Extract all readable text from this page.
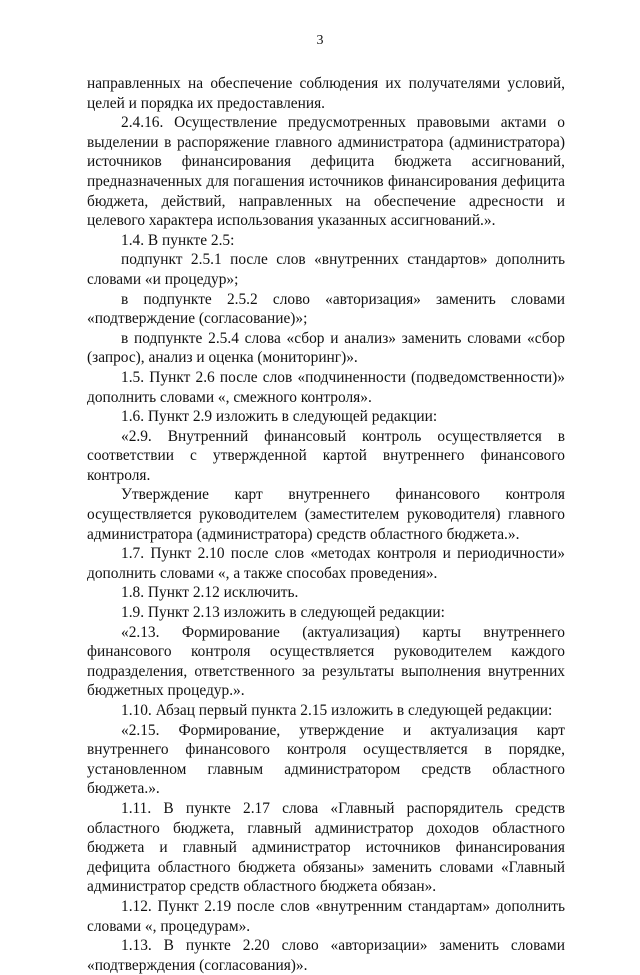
3

направленных на обеспечение соблюдения их получателями условий, целей и порядка их предоставления.

2.4.16. Осуществление предусмотренных правовыми актами о выделении в распоряжение главного администратора (администратора) источников финансирования дефицита бюджета ассигнований, предназначенных для погашения источников финансирования дефицита бюджета, действий, направленных на обеспечение адресности и целевого характера использования указанных ассигнований.».

1.4. В пункте 2.5:

подпункт 2.5.1 после слов «внутренних стандартов» дополнить словами «и процедур»;

в подпункте 2.5.2 слово «авторизация» заменить словами «подтверждение (согласование)»;

в подпункте 2.5.4 слова «сбор и анализ» заменить словами «сбор (запрос), анализ и оценка (мониторинг)».

1.5. Пункт 2.6 после слов «подчиненности (подведомственности)» дополнить словами «, смежного контроля».

1.6. Пункт 2.9 изложить в следующей редакции:

«2.9. Внутренний финансовый контроль осуществляется в соответствии с утвержденной картой внутреннего финансового контроля.

Утверждение карт внутреннего финансового контроля осуществляется руководителем (заместителем руководителя) главного администратора (администратора) средств областного бюджета.».

1.7. Пункт 2.10 после слов «методах контроля и периодичности» дополнить словами «, а также способах проведения».

1.8. Пункт 2.12 исключить.

1.9. Пункт 2.13 изложить в следующей редакции:

«2.13. Формирование (актуализация) карты внутреннего финансового контроля осуществляется руководителем каждого подразделения, ответственного за результаты выполнения внутренних бюджетных процедур.».

1.10. Абзац первый пункта 2.15 изложить в следующей редакции:

«2.15. Формирование, утверждение и актуализация карт внутреннего финансового контроля осуществляется в порядке, установленном главным администратором средств областного бюджета.».

1.11. В пункте 2.17 слова «Главный распорядитель средств областного бюджета, главный администратор доходов областного бюджета и главный администратор источников финансирования дефицита областного бюджета обязаны» заменить словами «Главный администратор средств областного бюджета обязан».

1.12. Пункт 2.19 после слов «внутренним стандартам» дополнить словами «, процедурам».

1.13. В пункте 2.20 слово «авторизации» заменить словами «подтверждения (согласования)».
